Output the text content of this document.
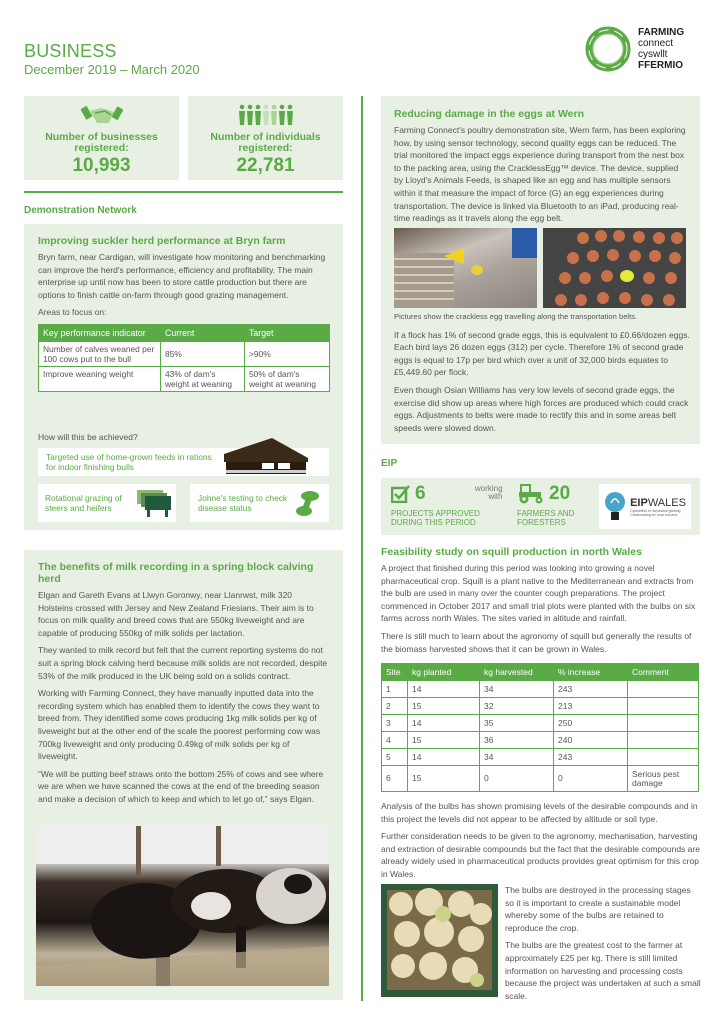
BUSINESS
December 2019 – March 2020
FARMING
connect
cyswllt
FFERMIO
Number of businesses
registered:
10,993
Number of individuals
registered:
22,781
Demonstration Network
Improving suckler herd performance at Bryn farm

Bryn farm, near Cardigan, will investigate how monitoring and benchmarking can improve the herd's performance, efficiency and profitability. The main enterprise up until now has been to store cattle production but there are options to finish cattle on-farm through good grazing management.

Areas to focus on:

Key performance indicator	Current	Target
Number of calves weaned per 100 cows put to the bull	85%	>90%
Improve weaning weight	43% of dam's weight at weaning	50% of dam's weight at weaning
How will this be achieved?
Targeted use of home-grown feeds in rations for indoor finishing bulls
Rotational grazing of steers and heifers
Johne's testing to check disease status
The benefits of milk recording in a spring block calving herd

Elgan and Gareth Evans at Llwyn Goronwy, near Llanrwst, milk 320 Holsteins crossed with Jersey and New Zealand Friesians. Their aim is to focus on milk quality and breed cows that are 550kg liveweight and are capable of producing 550kg of milk solids per lactation.

They wanted to milk record but felt that the current reporting systems do not suit a spring block calving herd because milk solids are not recorded, despite 53% of the milk produced in the UK being sold on a solids contract.

Working with Farming Connect, they have manually inputted data into the recording system which has enabled them to identify the cows they want to breed from. They identified some cows producing 1kg milk solids per kg of liveweight but at the other end of the scale the poorest performing cow was 700kg liveweight and only producing 0.49kg of milk solids per kg of liveweight.

“We will be putting beef straws onto the bottom 25% of cows and see where we are when we have scanned the cows at the end of the breeding season and make a decision of which to keep and which to let go of,” says Elgan.

Reducing damage in the eggs at Wern

Farming Connect's poultry demonstration site, Wern farm, has been exploring how, by using sensor technology, second quality eggs can be reduced. The trial monitored the impact eggs experience during transport from the nest box to the packing area, using the CracklessEgg™ device. The device, supplied by Lloyd's Animals Feeds, is shaped like an egg and has multiple sensors within it that measure the impact of force (G) an egg experiences during transportation. The device is linked via Bluetooth to an iPad, producing real-time readings as it travels along the egg belt.

Pictures show the crackless egg travelling along the transportation belts.

If a flock has 1% of second grade eggs, this is equivalent to £0.66/dozen eggs. Each bird lays 26 dozen eggs (312) per cycle. Therefore 1% of second grade eggs is equal to 17p per bird which over a unit of 32,000 birds equates to £5,449.60 per flock.

Even though Osian Williams has very low levels of second grade eggs, the exercise did show up areas where high forces are produced which could crack eggs. Adjustments to belts were made to rectify this and in some areas belt speeds were slowed down.

EIP
6
PROJECTS APPROVED
DURING THIS PERIOD
working
with 20
FARMERS AND
FORESTERS
EIPWALES
Cydweithio er llwyddiant gwledig
Collaborating for rural success
Feasibility study on squill production in north Wales

A project that finished during this period was looking into growing a novel pharmaceutical crop. Squill is a plant native to the Mediterranean and extracts from the bulb are used in many over the counter cough preparations. The project commenced in October 2017 and small trial plots were planted with the bulbs on six farms across north Wales. The sites varied in altitude and rainfall.

There is still much to learn about the agronomy of squill but generally the results of the biomass harvested shows that it can be grown in Wales.

Site	kg planted	kg harvested	% increase	Comment
1	14	34	243	
2	15	32	213	
3	14	35	250	
4	15	36	240	
5	14	34	243	
6	15	0	0	Serious pest damage

Analysis of the bulbs has shown promising levels of the desirable compounds and in this project the levels did not appear to be affected by altitude or soil type.

Further consideration needs to be given to the agronomy, mechanisation, harvesting and extraction of desirable compounds but the fact that the desirable compounds are already widely used in pharmaceutical products provides great optimism for this crop in Wales.

The bulbs are destroyed in the processing stages so it is important to create a sustainable model whereby some of the bulbs are retained to reproduce the crop.

The bulbs are the greatest cost to the farmer at approximately £25 per kg. There is still limited information on harvesting and processing costs because the project was undertaken at such a small scale.
